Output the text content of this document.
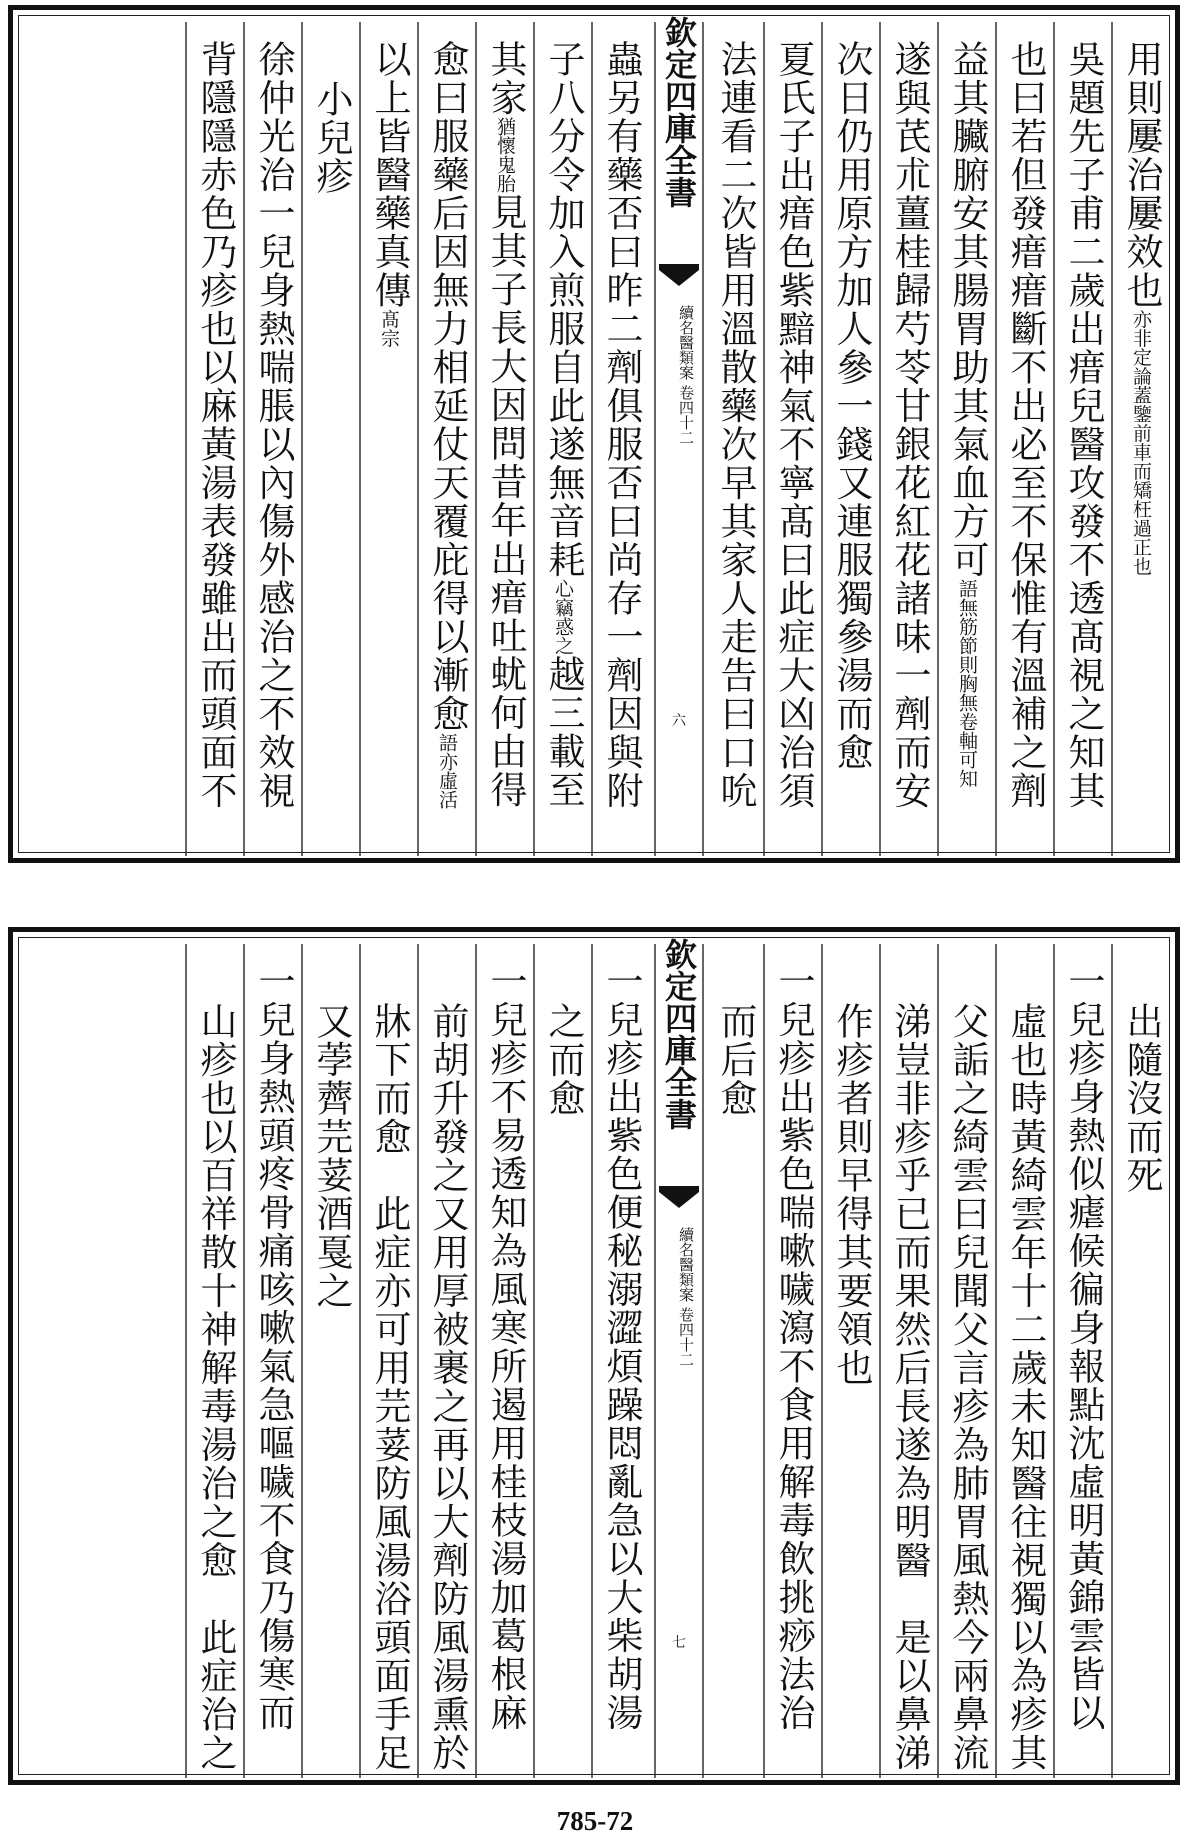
用則屢治屢效也亦非定論蓋鑒前車而矯枉過正也
吳題先子甫二歲出瘄兒醫攻發不透髙視之知其
也曰若但發瘄瘄斷不出必至不保惟有溫補之劑
益其臟腑安其腸胃助其氣血方可語無筋節則胸無卷軸可知
遂與芪朮薑桂歸芍苓甘銀花紅花諸味一劑而安
次日仍用原方加人參一錢又連服獨參湯而愈
夏氏子出瘄色紫黯神氣不寧髙曰此症大凶治須
法連看二次皆用溫散藥次早其家人走告曰口吮
欽定四庫全書
續名醫類案 卷四十二
六
蟲另有藥否曰昨二劑俱服否曰尚存一劑因與附
子八分令加入煎服自此遂無音耗心竊惑之越三載至
其家猶懷鬼胎見其子長大因問昔年出瘄吐蚘何由得
愈曰服藥后因無力相延仗天覆庇得以漸愈語亦虛活
以上皆醫藥真傳髙宗
小兒疹
徐仲光治一兒身熱喘脹以內傷外感治之不效視
背隱隱赤色乃疹也以麻黃湯表發雖出而頭面不
出隨沒而死
一兒疹身熱似瘧候徧身報點沈虛明黃錦雲皆以
虛也時黃綺雲年十二歲未知醫往視獨以為疹其
父詬之綺雲曰兒聞父言疹為肺胃風熱今兩鼻流
涕豈非疹乎已而果然后長遂為明醫　是以鼻涕
作疹者則早得其要領也
一兒疹出紫色喘嗽噦瀉不食用解毒飲挑痧法治
而后愈
欽定四庫全書
續名醫類案 卷四十二
七
一兒疹出紫色便秘溺澀煩躁悶亂急以大柴胡湯
之而愈
一兒疹不易透知為風寒所遏用桂枝湯加葛根麻
前胡升發之又用厚被裹之再以大劑防風湯熏於
牀下而愈　此症亦可用芫荽防風湯浴頭面手足
又荸薺芫荽酒戛之
一兒身熱頭疼骨痛咳嗽氣急嘔噦不食乃傷寒而
山疹也以百祥散十神解毒湯治之愈　此症治之
785-72
